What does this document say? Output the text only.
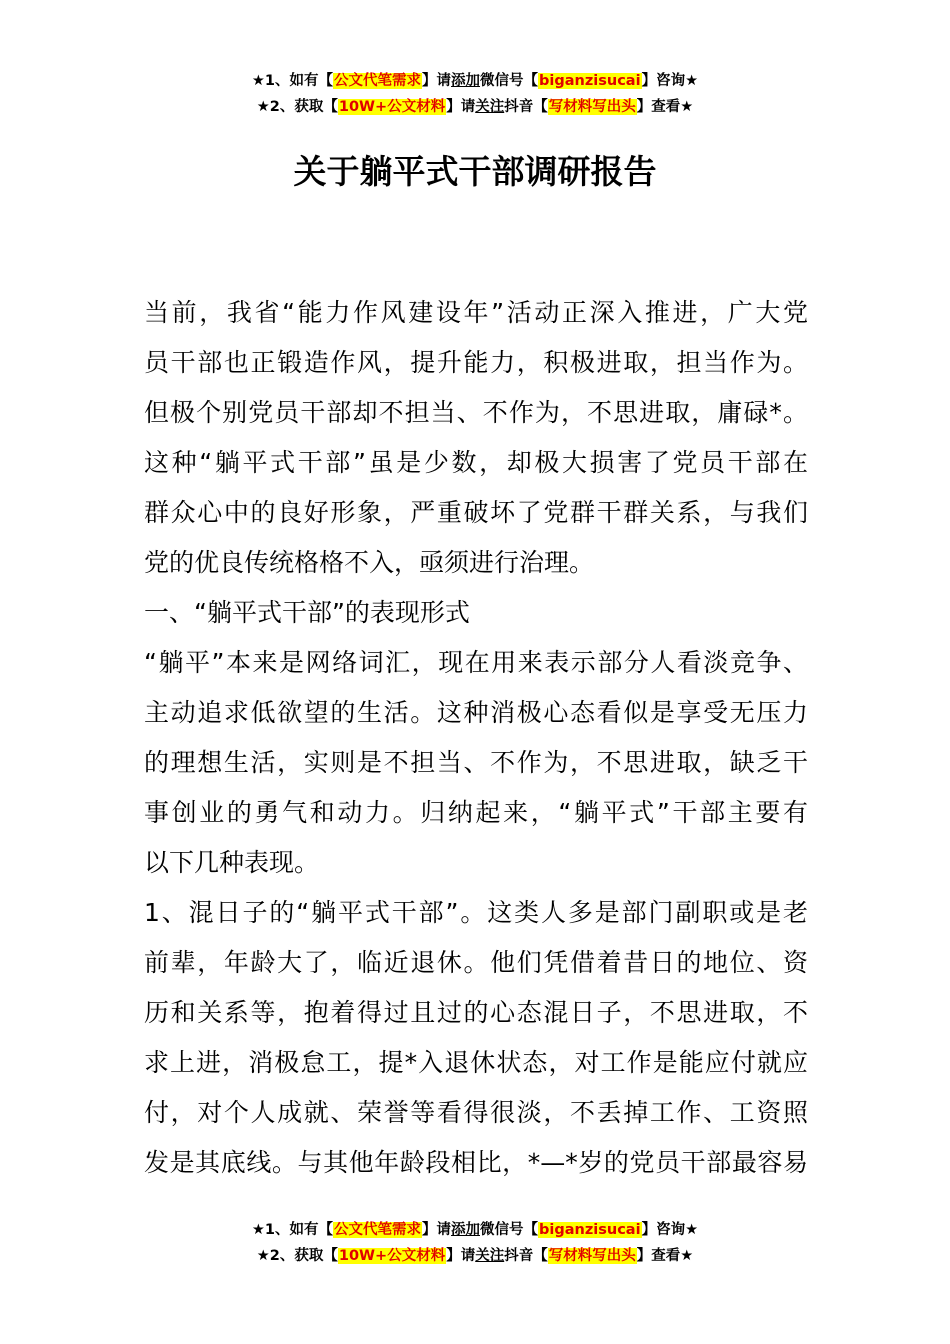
★1、如有【公文代笔需求】请添加微信号【biganzisucai】咨询★
★2、获取【10W+公文材料】请关注抖音【写材料写出头】查看★
关于躺平式干部调研报告
当前，我省“能力作风建设年”活动正深入推进，广大党
员干部也正锻造作风，提升能力，积极进取，担当作为。
但极个别党员干部却不担当、不作为，不思进取，庸碌*。
这种“躺平式干部”虽是少数，却极大损害了党员干部在
群众心中的良好形象，严重破坏了党群干群关系，与我们
党的优良传统格格不入，亟须进行治理。
一、“躺平式干部”的表现形式
“躺平”本来是网络词汇，现在用来表示部分人看淡竞争、
主动追求低欲望的生活。这种消极心态看似是享受无压力
的理想生活，实则是不担当、不作为，不思进取，缺乏干
事创业的勇气和动力。归纳起来，“躺平式”干部主要有
以下几种表现。
1、混日子的“躺平式干部”。这类人多是部门副职或是老
前辈，年龄大了，临近退休。他们凭借着昔日的地位、资
历和关系等，抱着得过且过的心态混日子，不思进取，不
求上进，消极怠工，提*入退休状态，对工作是能应付就应
付，对个人成就、荣誉等看得很淡，不丢掉工作、工资照
发是其底线。与其他年龄段相比，*—*岁的党员干部最容易
★1、如有【公文代笔需求】请添加微信号【biganzisucai】咨询★
★2、获取【10W+公文材料】请关注抖音【写材料写出头】查看★
